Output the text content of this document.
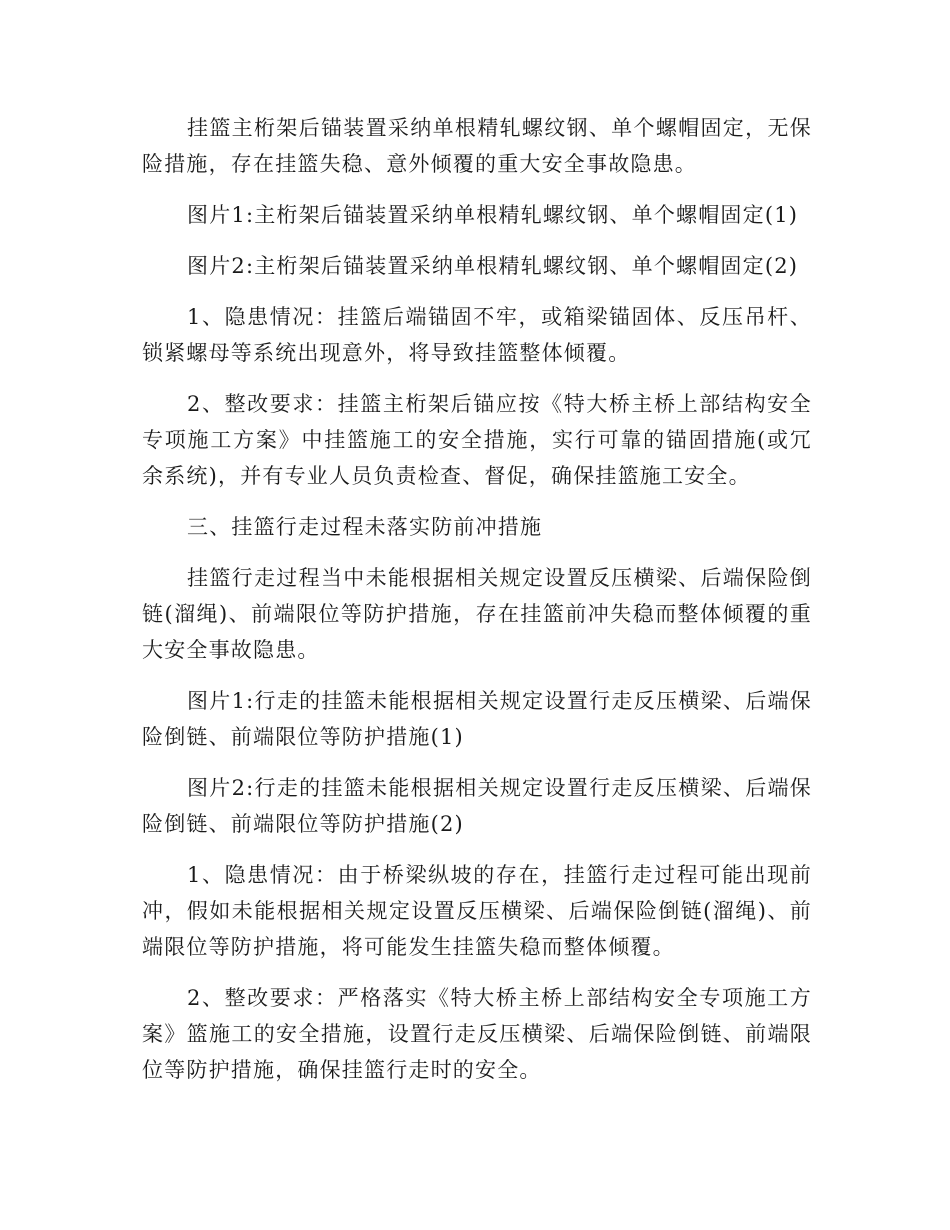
挂篮主桁架后锚装置采纳单根精轧螺纹钢、单个螺帽固定，无保险措施，存在挂篮失稳、意外倾覆的重大安全事故隐患。

图片1:主桁架后锚装置采纳单根精轧螺纹钢、单个螺帽固定(1)

图片2:主桁架后锚装置采纳单根精轧螺纹钢、单个螺帽固定(2)

1、隐患情况：挂篮后端锚固不牢，或箱梁锚固体、反压吊杆、锁紧螺母等系统出现意外，将导致挂篮整体倾覆。

2、整改要求：挂篮主桁架后锚应按《特大桥主桥上部结构安全专项施工方案》中挂篮施工的安全措施，实行可靠的锚固措施(或冗余系统)，并有专业人员负责检查、督促，确保挂篮施工安全。

三、挂篮行走过程未落实防前冲措施

挂篮行走过程当中未能根据相关规定设置反压横梁、后端保险倒链(溜绳)、前端限位等防护措施，存在挂篮前冲失稳而整体倾覆的重大安全事故隐患。

图片1:行走的挂篮未能根据相关规定设置行走反压横梁、后端保险倒链、前端限位等防护措施(1)

图片2:行走的挂篮未能根据相关规定设置行走反压横梁、后端保险倒链、前端限位等防护措施(2)

1、隐患情况：由于桥梁纵坡的存在，挂篮行走过程可能出现前冲，假如未能根据相关规定设置反压横梁、后端保险倒链(溜绳)、前端限位等防护措施，将可能发生挂篮失稳而整体倾覆。

2、整改要求：严格落实《特大桥主桥上部结构安全专项施工方案》篮施工的安全措施，设置行走反压横梁、后端保险倒链、前端限位等防护措施，确保挂篮行走时的安全。
